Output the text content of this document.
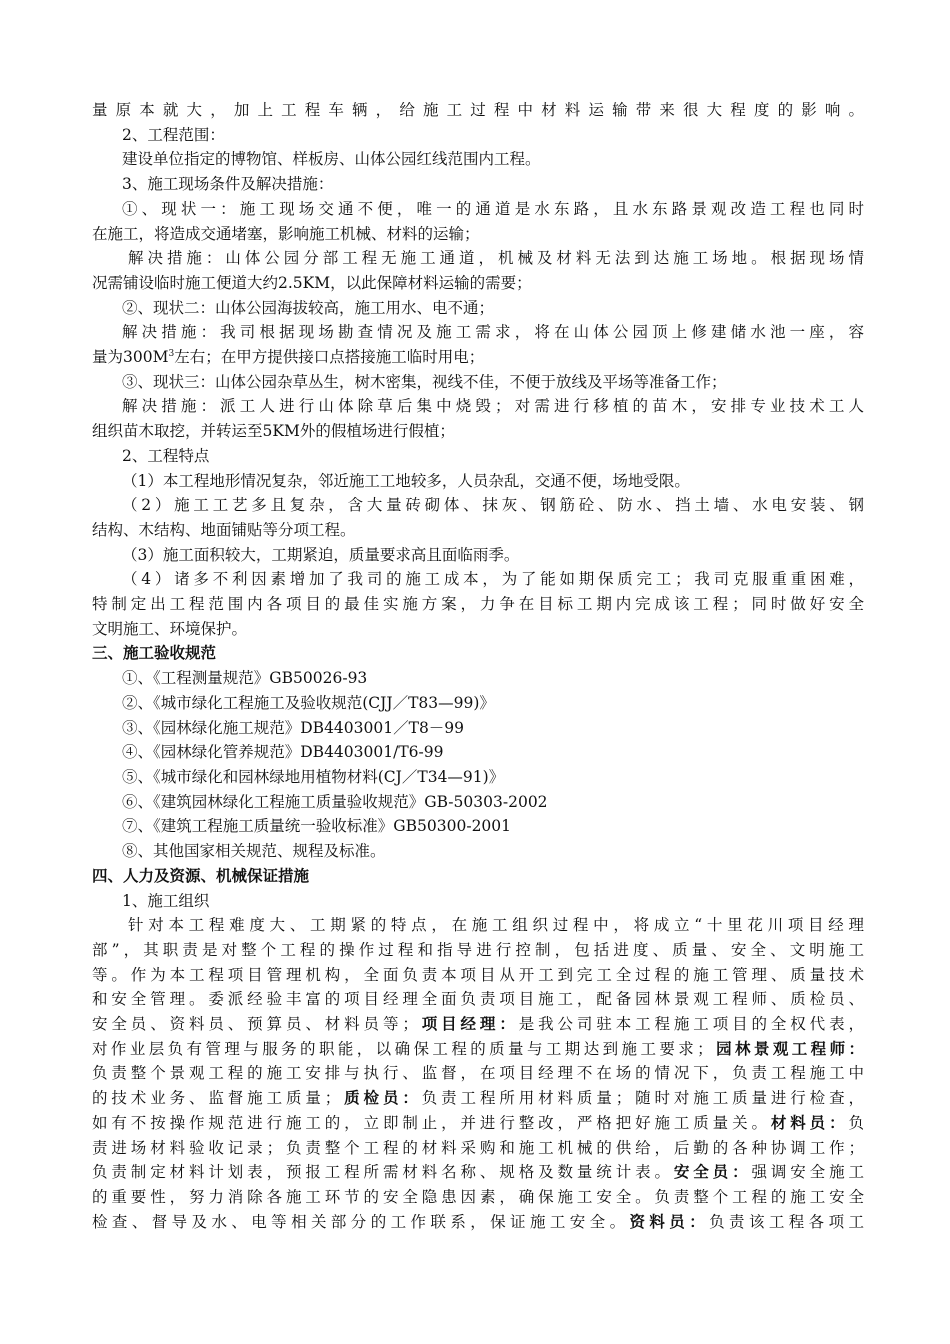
量原本就大，加上工程车辆，给施工过程中材料运输带来很大程度的影响。
2、工程范围：
建设单位指定的博物馆、样板房、山体公园红线范围内工程。
3、施工现场条件及解决措施：
①、现状一：施工现场交通不便，唯一的通道是水东路，且水东路景观改造工程也同时
在施工，将造成交通堵塞，影响施工机械、材料的运输；
解决措施：山体公园分部工程无施工通道，机械及材料无法到达施工场地。根据现场情
况需铺设临时施工便道大约2.5KM，以此保障材料运输的需要；
②、现状二：山体公园海拔较高，施工用水、电不通；
解决措施：我司根据现场勘查情况及施工需求，将在山体公园顶上修建储水池一座，容
量为$300M^3$左右；在甲方提供接口点搭接施工临时用电；
③、现状三：山体公园杂草丛生，树木密集，视线不佳，不便于放线及平场等准备工作；
解决措施：派工人进行山体除草后集中烧毁；对需进行移植的苗木，安排专业技术工人
组织苗木取挖，并转运至5KM外的假植场进行假植；
2、工程特点
（1）本工程地形情况复杂，邻近施工工地较多，人员杂乱，交通不便，场地受限。
（2）施工工艺多且复杂，含大量砖砌体、抹灰、钢筋砼、防水、挡土墙、水电安装、钢
结构、木结构、地面铺贴等分项工程。
（3）施工面积较大，工期紧迫，质量要求高且面临雨季。
（4）诸多不利因素增加了我司的施工成本，为了能如期保质完工；我司克服重重困难，
特制定出工程范围内各项目的最佳实施方案，力争在目标工期内完成该工程；同时做好安全
文明施工、环境保护。
三、施工验收规范
①、《工程测量规范》GB50026-93
②、《城市绿化工程施工及验收规范(CJJ／T83—99)》
③、《园林绿化施工规范》DB4403001／T8－99
④、《园林绿化管养规范》DB4403001/T6-99
⑤、《城市绿化和园林绿地用植物材料(CJ／T34—91)》
⑥、《建筑园林绿化工程施工质量验收规范》GB-50303-2002
⑦、《建筑工程施工质量统一验收标准》GB50300-2001
⑧、其他国家相关规范、规程及标准。
四、人力及资源、机械保证措施
1、施工组织
针对本工程难度大、工期紧的特点，在施工组织过程中，将成立“十里花川项目经理
部”，其职责是对整个工程的操作过程和指导进行控制，包括进度、质量、安全、文明施工
等。作为本工程项目管理机构，全面负责本项目从开工到完工全过程的施工管理、质量技术
和安全管理。委派经验丰富的项目经理全面负责项目施工，配备园林景观工程师、质检员、
安全员、资料员、预算员、材料员等；项目经理：是我公司驻本工程施工项目的全权代表，
对作业层负有管理与服务的职能，以确保工程的质量与工期达到施工要求；园林景观工程师：
负责整个景观工程的施工安排与执行、监督，在项目经理不在场的情况下，负责工程施工中
的技术业务、监督施工质量；质检员：负责工程所用材料质量；随时对施工质量进行检查，
如有不按操作规范进行施工的，立即制止，并进行整改，严格把好施工质量关。材料员：负
责进场材料验收记录；负责整个工程的材料采购和施工机械的供给，后勤的各种协调工作；
负责制定材料计划表，预报工程所需材料名称、规格及数量统计表。安全员：强调安全施工
的重要性，努力消除各施工环节的安全隐患因素，确保施工安全。负责整个工程的施工安全
检查、督导及水、电等相关部分的工作联系，保证施工安全。资料员：负责该工程各项工
